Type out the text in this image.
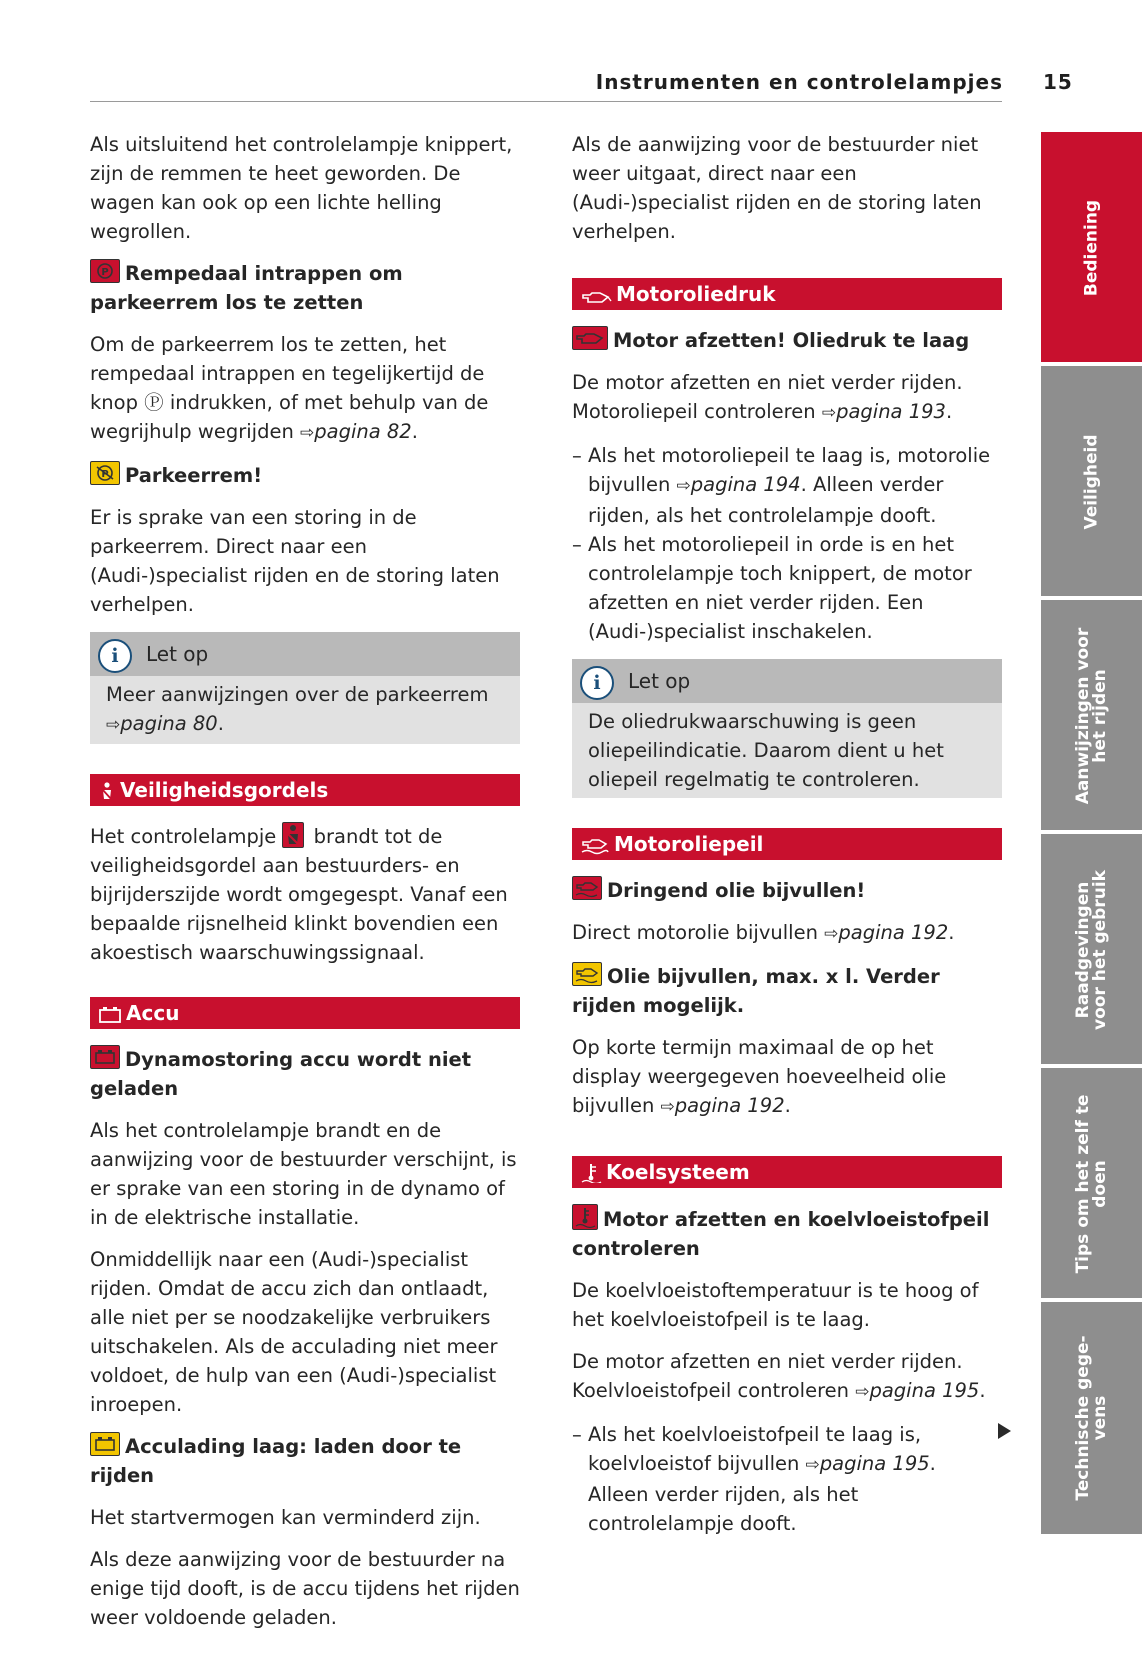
Instrumenten en controlelampjes 15

Als uitsluitend het controlelampje knippert, zijn de remmen te heet geworden. De wagen kan ook op een lichte helling wegrollen.

P Rempedaal intrappen om parkeerrem los te zetten

Om de parkeerrem los te zetten, het rempedaal intrappen en tegelijkertijd de knop Ⓟ indrukken, of met behulp van de wegrijhulp wegrijden ⇨pagina 82.

P Parkeerrem!

Er is sprake van een storing in de parkeerrem. Direct naar een (Audi-)specialist rijden en de storing laten verhelpen.

i Let op

Meer aanwijzingen over de parkeerrem ⇨pagina 80.

Veiligheidsgordels

Het controlelampje
brandt tot de veiligheidsgordel aan bestuurders- en bijrijderszijde wordt omgegespt. Vanaf een bepaalde rijsnelheid klinkt bovendien een akoestisch waarschuwingssignaal.

Accu
Dynamostoring accu wordt niet geladen

Als het controlelampje brandt en de aanwijzing voor de bestuurder verschijnt, is er sprake van een storing in de dynamo of in de elektrische installatie.

Onmiddellijk naar een (Audi-)specialist rijden. Omdat de accu zich dan ontlaadt, alle niet per se noodzakelijke verbruikers uitschakelen. Als de acculading niet meer voldoet, de hulp van een (Audi-)specialist inroepen.

Acculading laag: laden door te rijden

Het startvermogen kan verminderd zijn.

Als deze aanwijzing voor de bestuurder na enige tijd dooft, is de accu tijdens het rijden weer voldoende geladen.

Als de aanwijzing voor de bestuurder niet weer uitgaat, direct naar een (Audi-)specialist rijden en de storing laten verhelpen.

Motoroliedruk
Motor afzetten! Oliedruk te laag

De motor afzetten en niet verder rijden. Motoroliepeil controleren ⇨pagina 193.

– Als het motoroliepeil te laag is, motorolie bijvullen ⇨pagina 194. Alleen verder rijden, als het controlelampje dooft.
– Als het motoroliepeil in orde is en het controlelampje toch knippert, de motor afzetten en niet verder rijden. Een (Audi-)specialist inschakelen.
i Let op

De oliedrukwaarschuwing is geen oliepeilindicatie. Daarom dient u het oliepeil regelmatig te controleren.

Motoroliepeil
Dringend olie bijvullen!

Direct motorolie bijvullen ⇨pagina 192.

Olie bijvullen, max. x l. Verder rijden mogelijk.

Op korte termijn maximaal de op het display weergegeven hoeveelheid olie bijvullen ⇨pagina 192.

Koelsysteem
Motor afzetten en koelvloeistofpeil controleren

De koelvloeistoftemperatuur is te hoog of het koelvloeistofpeil is te laag.

De motor afzetten en niet verder rijden. Koelvloeistofpeil controleren ⇨pagina 195.

– Als het koelvloeistofpeil te laag is, koelvloeistof bijvullen ⇨pagina 195. Alleen verder rijden, als het controlelampje dooft.
Bediening
Veiligheid
Aanwijzingen voor
het rijden
Raadgevingen
voor het gebruik
Tips om het zelf te
doen
Technische gege-
vens
